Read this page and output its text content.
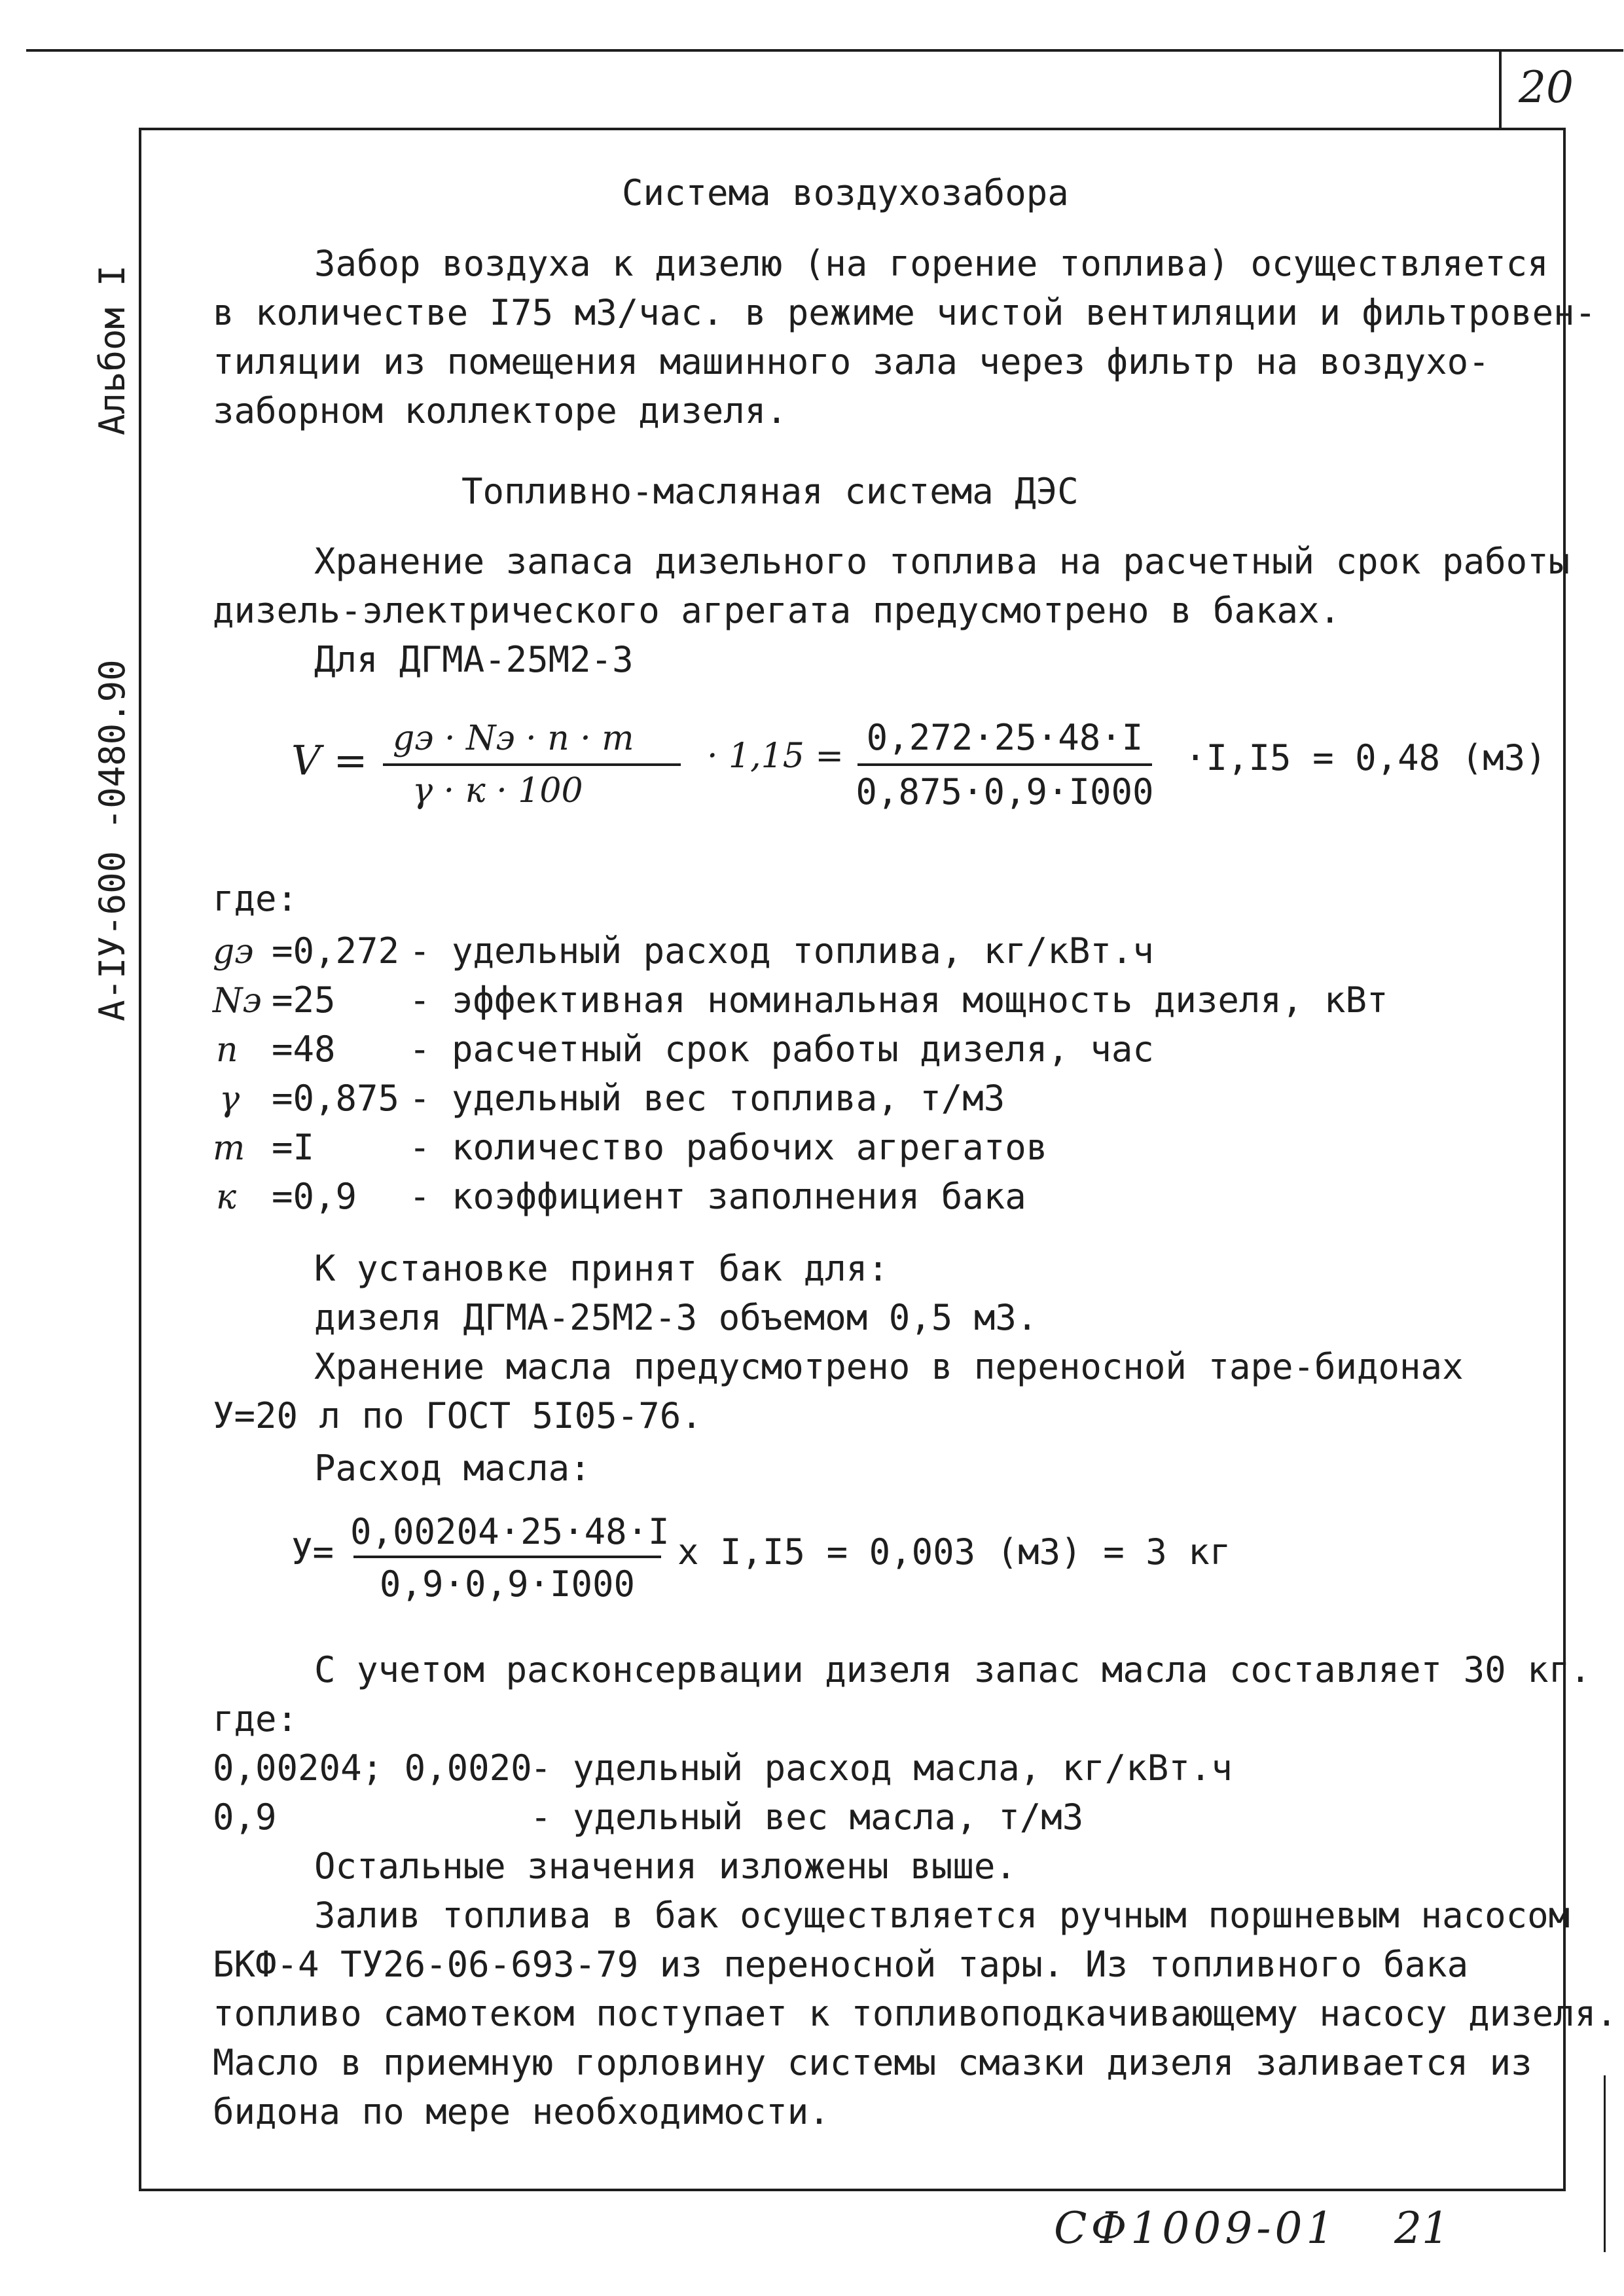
20
Альбом I
А-IУ-600 -0480.90
Система воздухозабора
Забор воздуха к дизелю (на горение топлива) осуществляется
в количестве I75 м3/час. в режиме чистой вентиляции и фильтровен-
тиляции из помещения машинного зала через фильтр на воздухо-
заборном коллекторе дизеля.
Топливно-масляная система ДЭС
Хранение запаса дизельного топлива на расчетный срок работы
дизель-электрического агрегата предусмотрено в баках.
Для ДГМА-25М2-3
V = gэ · Nэ · n · m
γ · к · 100
· 1,15 = 0,272·25·48·I
0,875·0,9·I000
·I,I5 = 0,48 (м3)
где:
gэ =0,272 - удельный расход топлива, кг/кВт.ч
Nэ =25 - эффективная номинальная мощность дизеля, кВт
n =48 - расчетный срок работы дизеля, час
γ =0,875 - удельный вес топлива, т/м3
m =I	- количество рабочих агрегатов
к =0,9 - коэффициент заполнения бака
К установке принят бак для:
дизеля ДГМА-25М2-3 объемом 0,5 м3.
Хранение масла предусмотрено в переносной таре-бидонах
У=20 л по ГОСТ 5I05-76.
Расход масла:
У= 0,00204·25·48·I
0,9·0,9·I000
x I,I5 = 0,003 (м3) = 3 кг
С учетом расконсервации дизеля запас масла составляет 30 кг.
где:
0,00204; 0,0020
- удельный расход масла, кг/кВт.ч
0,9	- удельный вес масла, т/м3
Остальные значения изложены выше.
Залив топлива в бак осуществляется ручным поршневым насосом
БКФ-4 ТУ26-06-693-79 из переносной тары. Из топливного бака
топливо самотеком поступает к топливоподкачивающему насосу дизеля.
Масло в приемную горловину системы смазки дизеля заливается из
бидона по мере необходимости.
СФ1009-01 21
